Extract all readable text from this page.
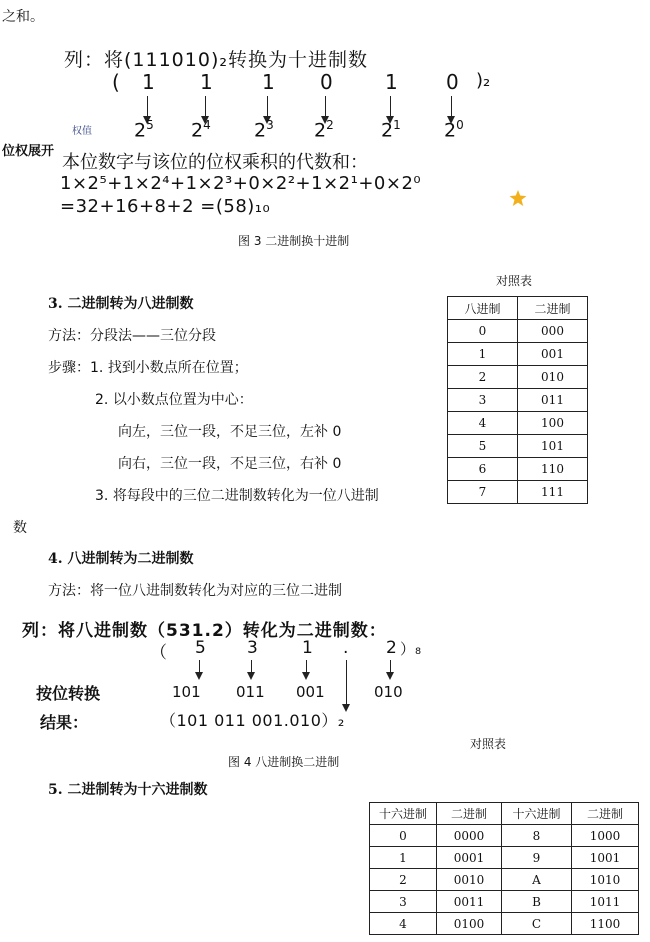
之和。
列：将(111010)₂转换为十进制数
( 1 1 1 0	1 0 )₂
权值 $2^5$ $2^4$ $2^3$ $2^2$ $2^1$ $2^0$
位权展开
本位数字与该位的位权乘积的代数和：
1×2⁵+1×2⁴+1×2³+0×2²+1×2¹+0×2⁰
=32+16+8+2 =(58)₁₀
图 3 二进制换十进制
3. 二进制转为八进制数
方法：分段法——三位分段
步骤：1. 找到小数点所在位置；
2. 以小数点位置为中心：
向左，三位一段，不足三位，左补 0
向右，三位一段，不足三位，右补 0
3. 将每段中的三位二进制数转化为一位八进制
数
对照表
八进制	二进制
0	000
1	001
2	010
3	011
4	100
5	101
6	110
7	111
4. 八进制转为二进制数
方法：将一位八进制数转化为对应的三位二进制
列：将八进制数（531.2）转化为二进制数：
（ 5 3	1 . 2 ）₈
按位转换	101 011 001	010
结果：	（101 011 001.010）₂
图 4 八进制换二进制
5. 二进制转为十六进制数
对照表
十六进制	二进制	十六进制	二进制
0	0000	8	1000
1	0001	9	1001
2	0010	A	1010
3	0011	B	1011
4	0100	C	1100
